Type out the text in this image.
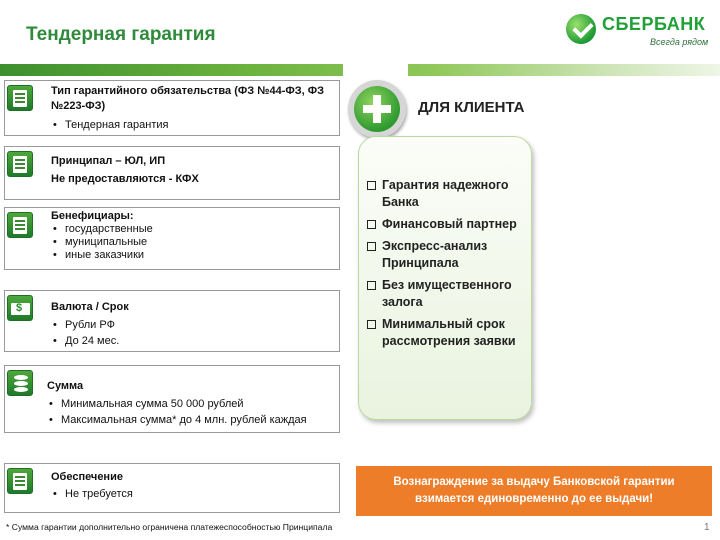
Тендерная гарантия	СБЕРБАНК
Всегда рядом
Тип гарантийного обязательства (ФЗ №44-ФЗ, ФЗ №223-ФЗ)
• Тендерная гарантия
Принципал – ЮЛ, ИП
Не предоставляются - КФХ
Бенефициары:
• государственные
• муниципальные
• иные заказчики
$	Валюта / Срок
• Рубли РФ
• До 24 мес.
Сумма
• Минимальная сумма 50 000 рублей
• Максимальная сумма* до 4 млн. рублей каждая
Обеспечение
• Не требуется
ДЛЯ КЛИЕНТА
Гарантия надежного Банка
Финансовый партнер
Экспресс-анализ Принципала
Без имущественного залога
Минимальный срок рассмотрения заявки
Вознаграждение за выдачу Банковской гарантии
взимается единовременно до ее выдачи!
* Сумма гарантии дополнительно ограничена платежеспособностью Принципала	1
